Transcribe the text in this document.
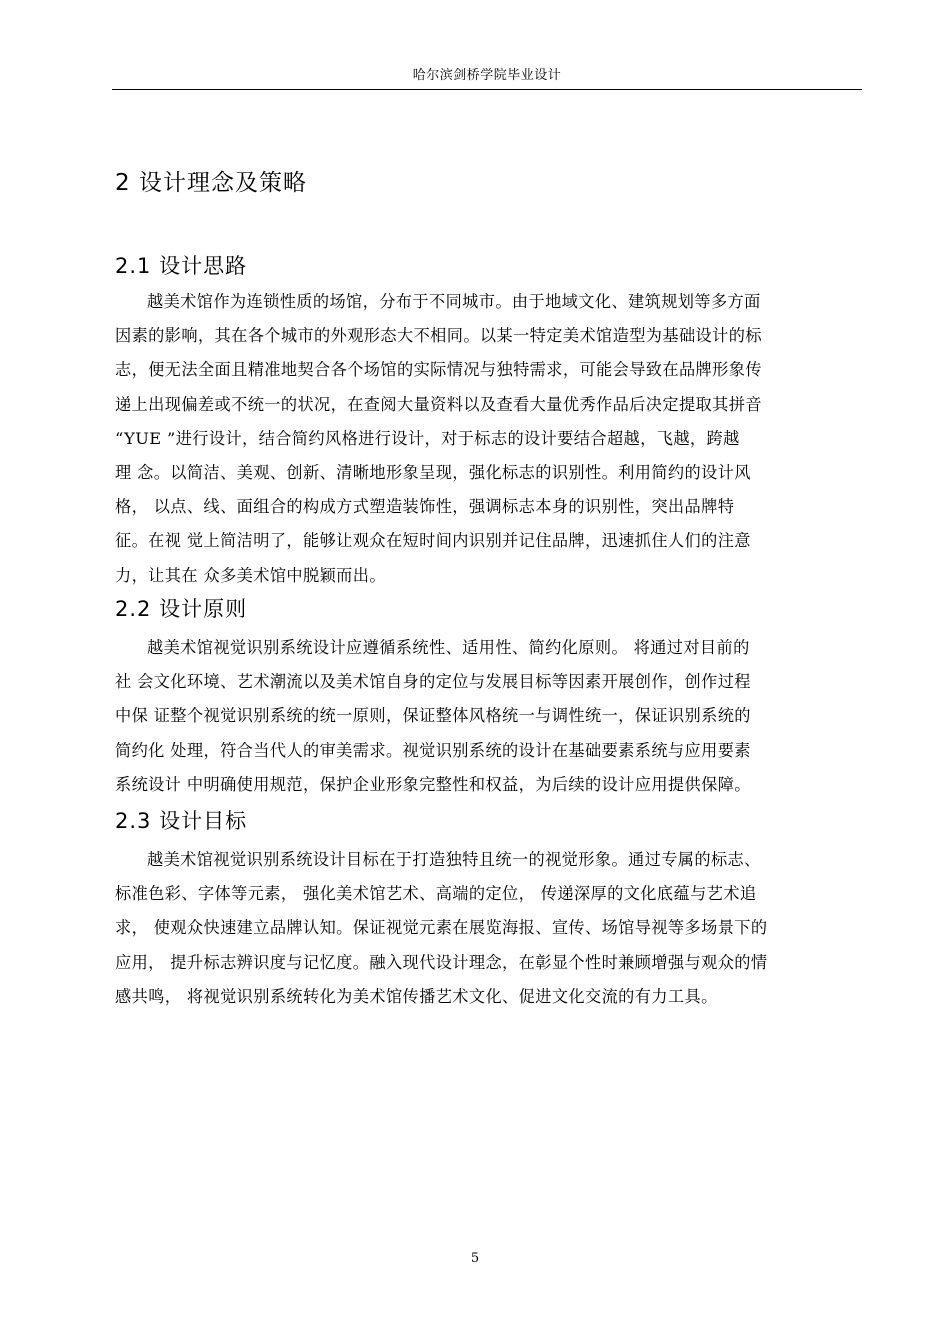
哈尔滨剑桥学院毕业设计
2 设计理念及策略
2.1 设计思路
越美术馆作为连锁性质的场馆，分布于不同城市。由于地域文化、建筑规划等多方面
因素的影响，其在各个城市的外观形态大不相同。以某一特定美术馆造型为基础设计的标
志，便无法全面且精准地契合各个场馆的实际情况与独特需求，可能会导致在品牌形象传
递上出现偏差或不统一的状况，在查阅大量资料以及查看大量优秀作品后决定提取其拼音
“YUE ”进行设计，结合简约风格进行设计，对于标志的设计要结合超越，飞越，跨越
理 念。以简洁、美观、创新、清晰地形象呈现，强化标志的识别性。利用简约的设计风
格， 以点、线、面组合的构成方式塑造装饰性，强调标志本身的识别性，突出品牌特
征。在视 觉上简洁明了，能够让观众在短时间内识别并记住品牌，迅速抓住人们的注意
力，让其在 众多美术馆中脱颖而出。
2.2 设计原则
越美术馆视觉识别系统设计应遵循系统性、适用性、简约化原则。 将通过对目前的
社 会文化环境、艺术潮流以及美术馆自身的定位与发展目标等因素开展创作，创作过程
中保 证整个视觉识别系统的统一原则，保证整体风格统一与调性统一，保证识别系统的
简约化 处理，符合当代人的审美需求。视觉识别系统的设计在基础要素系统与应用要素
系统设计 中明确使用规范，保护企业形象完整性和权益，为后续的设计应用提供保障。
2.3 设计目标
越美术馆视觉识别系统设计目标在于打造独特且统一的视觉形象。通过专属的标志、
标准色彩、字体等元素， 强化美术馆艺术、高端的定位， 传递深厚的文化底蕴与艺术追
求， 使观众快速建立品牌认知。保证视觉元素在展览海报、宣传、场馆导视等多场景下的
应用， 提升标志辨识度与记忆度。融入现代设计理念，在彰显个性时兼顾增强与观众的情
感共鸣， 将视觉识别系统转化为美术馆传播艺术文化、促进文化交流的有力工具。
5
